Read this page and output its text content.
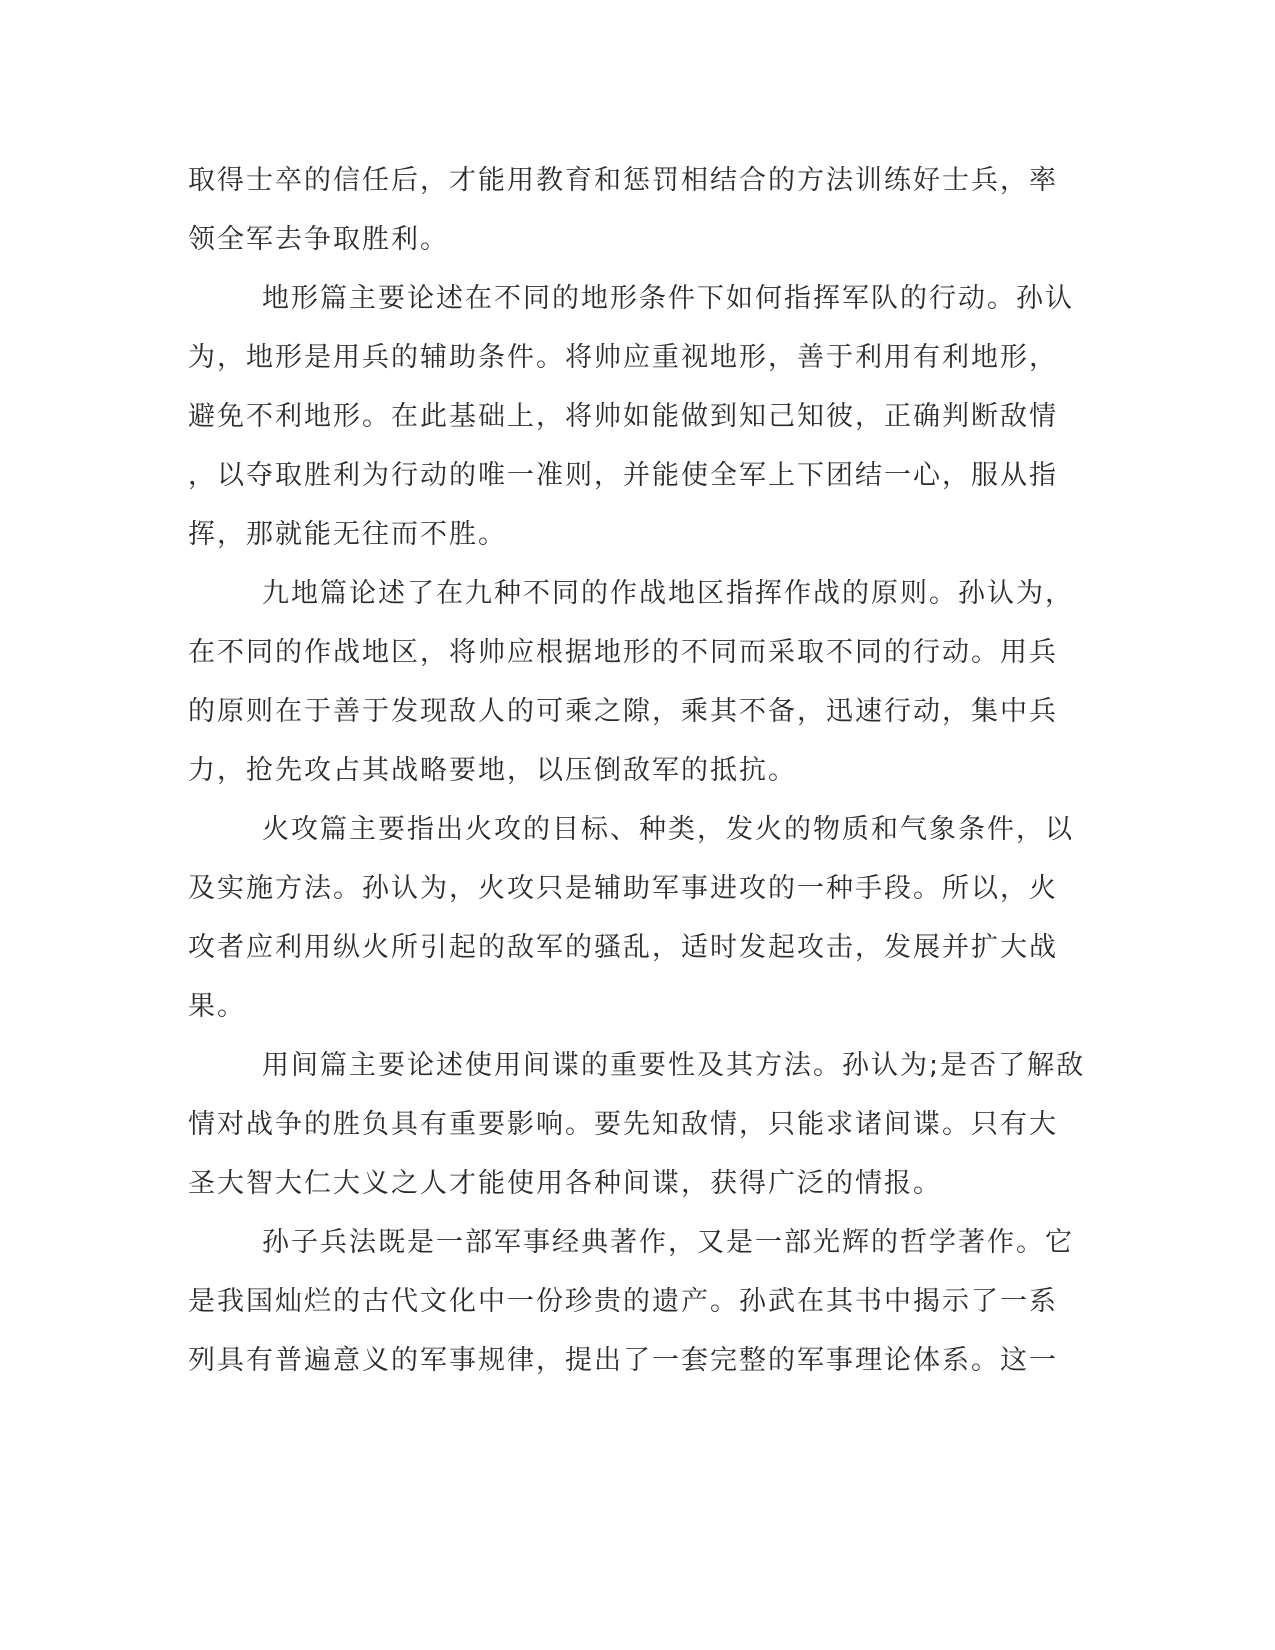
取得士卒的信任后，才能用教育和惩罚相结合的方法训练好士兵，率

领全军去争取胜利。

地形篇主要论述在不同的地形条件下如何指挥军队的行动。孙认

为，地形是用兵的辅助条件。将帅应重视地形，善于利用有利地形，

避免不利地形。在此基础上，将帅如能做到知己知彼，正确判断敌情

，以夺取胜利为行动的唯一准则，并能使全军上下团结一心，服从指

挥，那就能无往而不胜。

九地篇论述了在九种不同的作战地区指挥作战的原则。孙认为，

在不同的作战地区，将帅应根据地形的不同而采取不同的行动。用兵

的原则在于善于发现敌人的可乘之隙，乘其不备，迅速行动，集中兵

力，抢先攻占其战略要地，以压倒敌军的抵抗。

火攻篇主要指出火攻的目标、种类，发火的物质和气象条件，以

及实施方法。孙认为，火攻只是辅助军事进攻的一种手段。所以，火

攻者应利用纵火所引起的敌军的骚乱，适时发起攻击，发展并扩大战

果。

用间篇主要论述使用间谍的重要性及其方法。孙认为;是否了解敌

情对战争的胜负具有重要影响。要先知敌情，只能求诸间谍。只有大

圣大智大仁大义之人才能使用各种间谍，获得广泛的情报。

孙子兵法既是一部军事经典著作，又是一部光辉的哲学著作。它

是我国灿烂的古代文化中一份珍贵的遗产。孙武在其书中揭示了一系

列具有普遍意义的军事规律，提出了一套完整的军事理论体系。这一
